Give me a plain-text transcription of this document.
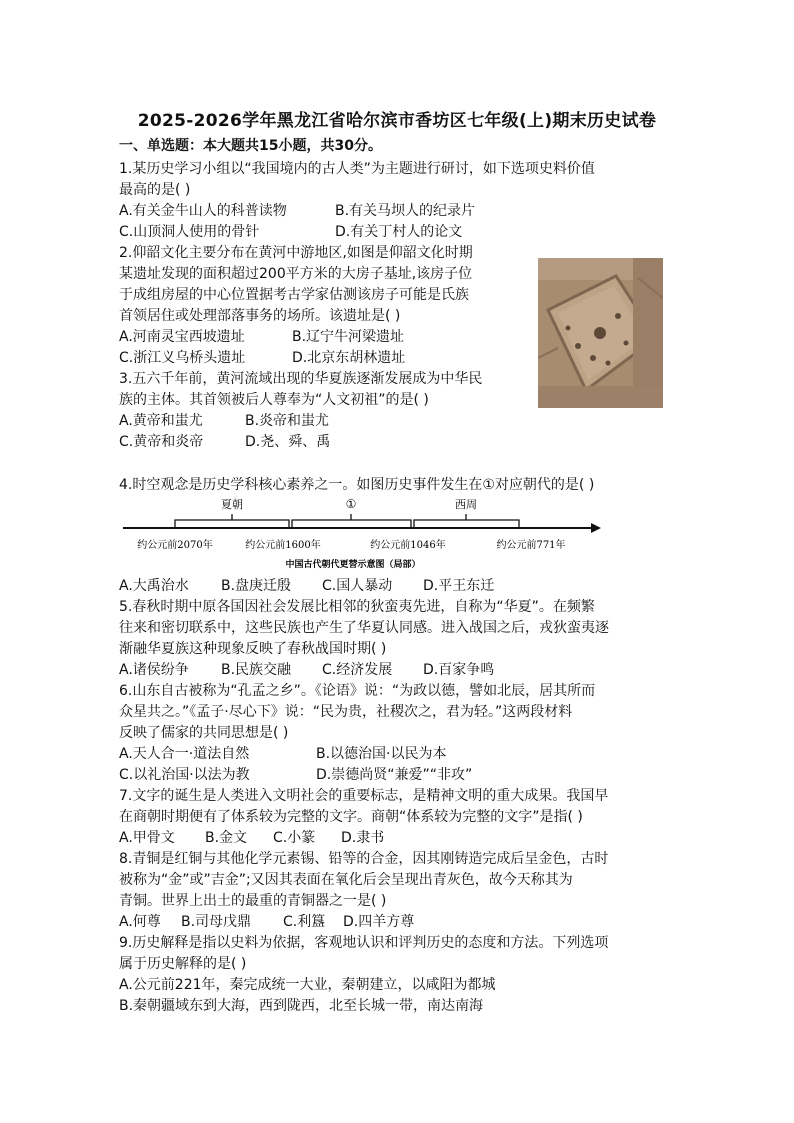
2025-2026学年黑龙江省哈尔滨市香坊区七年级(上)期末历史试卷
一、单选题：本大题共15小题，共30分。
1.某历史学习小组以“我国境内的古人类”为主题进行研讨，如下选项史料价值
最高的是( )
A.有关金牛山人的科普读物	B.有关马坝人的纪录片
C.山顶洞人使用的骨针	D.有关丁村人的论文
2.仰韶文化主要分布在黄河中游地区,如图是仰韶文化时期
某遗址发现的面积超过200平方米的大房子基址,该房子位
于成组房屋的中心位置据考古学家估测该房子可能是氏族
首领居住或处理部落事务的场所。该遗址是( )
A.河南灵宝西坡遗址	B.辽宁牛河梁遗址
C.浙江义乌桥头遗址	D.北京东胡林遗址
3.五六千年前，黄河流域出现的华夏族逐渐发展成为中华民
族的主体。其首领被后人尊奉为“人文初祖”的是( )
A.黄帝和蚩尤	B.炎帝和蚩尤
C.黄帝和炎帝	D.尧、舜、禹
4.时空观念是历史学科核心素养之一。如图历史事件发生在①对应朝代的是( )
夏朝	①	西周
约公元前2070年	约公元前1600年	约公元前1046年	约公元前771年
中国古代朝代更替示意图（局部）
A.大禹治水 B.盘庚迁殷 C.国人暴动 D.平王东迁
5.春秋时期中原各国因社会发展比相邻的狄蛮夷先进，自称为“华夏”。在频繁
往来和密切联系中，这些民族也产生了华夏认同感。进入战国之后，戎狄蛮夷逐
渐融华夏族这种现象反映了春秋战国时期( )
A.诸侯纷争 B.民族交融 C.经济发展 D.百家争鸣
6.山东自古被称为“孔孟之乡”。《论语》说：“为政以德，譬如北辰，居其所而
众星共之。”《孟子·尽心下》说：“民为贵，社稷次之，君为轻。”这两段材料
反映了儒家的共同思想是( )
A.天人合一·道法自然	B.以德治国·以民为本
C.以礼治国·以法为教	D.崇德尚贤“兼爱”“非攻”
7.文字的诞生是人类进入文明社会的重要标志，是精神文明的重大成果。我国早
在商朝时期便有了体系较为完整的文字。商朝“体系较为完整的文字”是指( )
A.甲骨文 B.金文 C.小篆 D.隶书
8.青铜是红铜与其他化学元素锡、铅等的合金，因其刚铸造完成后呈金色，古时
被称为“金”或”吉金”;又因其表面在氧化后会呈现出青灰色，故今天称其为
青铜。世界上出土的最重的青铜器之一是( )
A.何尊 B.司母戊鼎 C.利簋 D.四羊方尊
9.历史解释是指以史料为依据，客观地认识和评判历史的态度和方法。下列选项
属于历史解释的是( )
A.公元前221年，秦完成统一大业，秦朝建立，以咸阳为都城
B.秦朝疆域东到大海，西到陇西，北至长城一带，南达南海
